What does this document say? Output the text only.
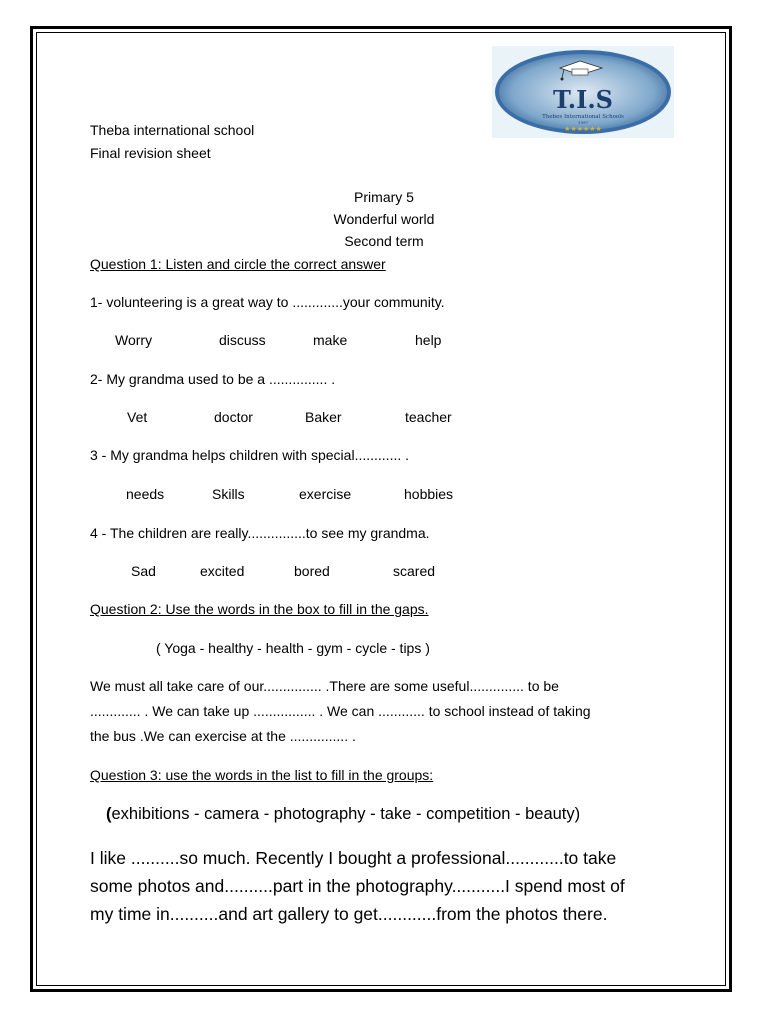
T.I.S
Thebes International Schools
1997
★★★★★★
Theba international school
Final revision sheet
Primary 5
Wonderful world
Second term
Question 1: Listen and circle the correct answer
1- volunteering is a great way to .............your community.
Worry	discuss	make	help
2- My grandma used to be a ............... .
Vet	doctor	Baker	teacher
3 - My grandma helps children with special............ .
needs	Skills	exercise	hobbies
4 - The children are really...............to see my grandma.
Sad	excited	bored	scared
Question 2: Use the words in the box to fill in the gaps.
( Yoga - healthy - health - gym - cycle - tips )
We must all take care of our............... .There are some useful.............. to be
............. . We can take up ................ . We can ............ to school instead of taking
the bus .We can exercise at the ............... .
Question 3: use the words in the list to fill in the groups:
(exhibitions - camera - photography - take - competition - beauty)
I like ..........so much. Recently I bought a professional............to take
some photos and..........part in the photography...........I spend most of
my time in..........and art gallery to get............from the photos there.
